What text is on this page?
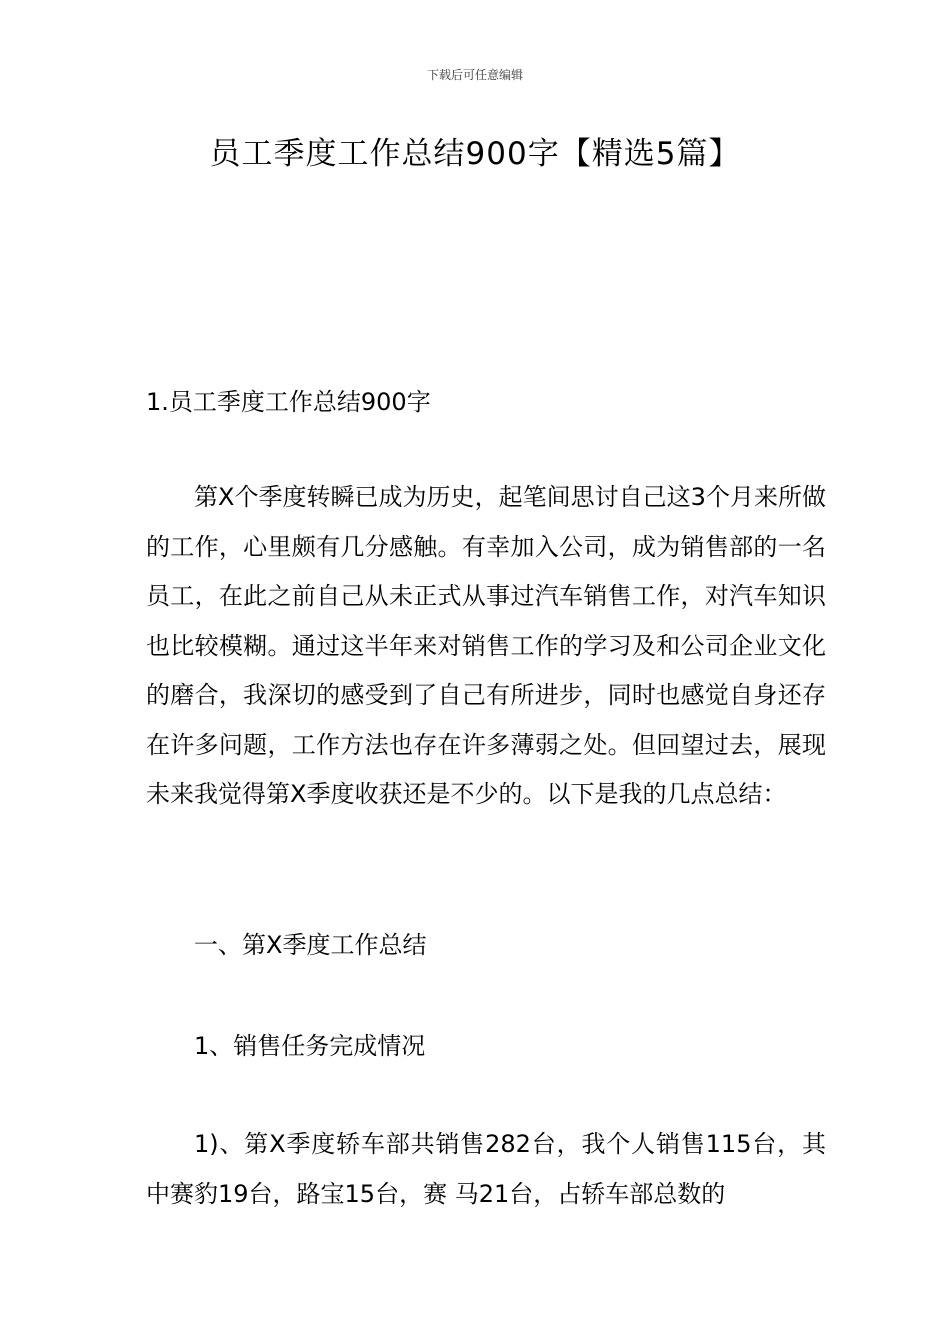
下载后可任意编辑
员工季度工作总结900字【精选5篇】
1.员工季度工作总结900字
第X个季度转瞬已成为历史，起笔间思讨自己这3个月来所做的工作，心里颇有几分感触。有幸加入公司，成为销售部的一名员工，在此之前自己从未正式从事过汽车销售工作，对汽车知识也比较模糊。通过这半年来对销售工作的学习及和公司企业文化的磨合，我深切的感受到了自己有所进步，同时也感觉自身还存在许多问题，工作方法也存在许多薄弱之处。但回望过去，展现未来我觉得第X季度收获还是不少的。以下是我的几点总结：
一、第X季度工作总结
1、销售任务完成情况
1)、第X季度轿车部共销售282台，我个人销售115台，其中赛豹19台，路宝15台，赛 马21台，占轿车部总数的
